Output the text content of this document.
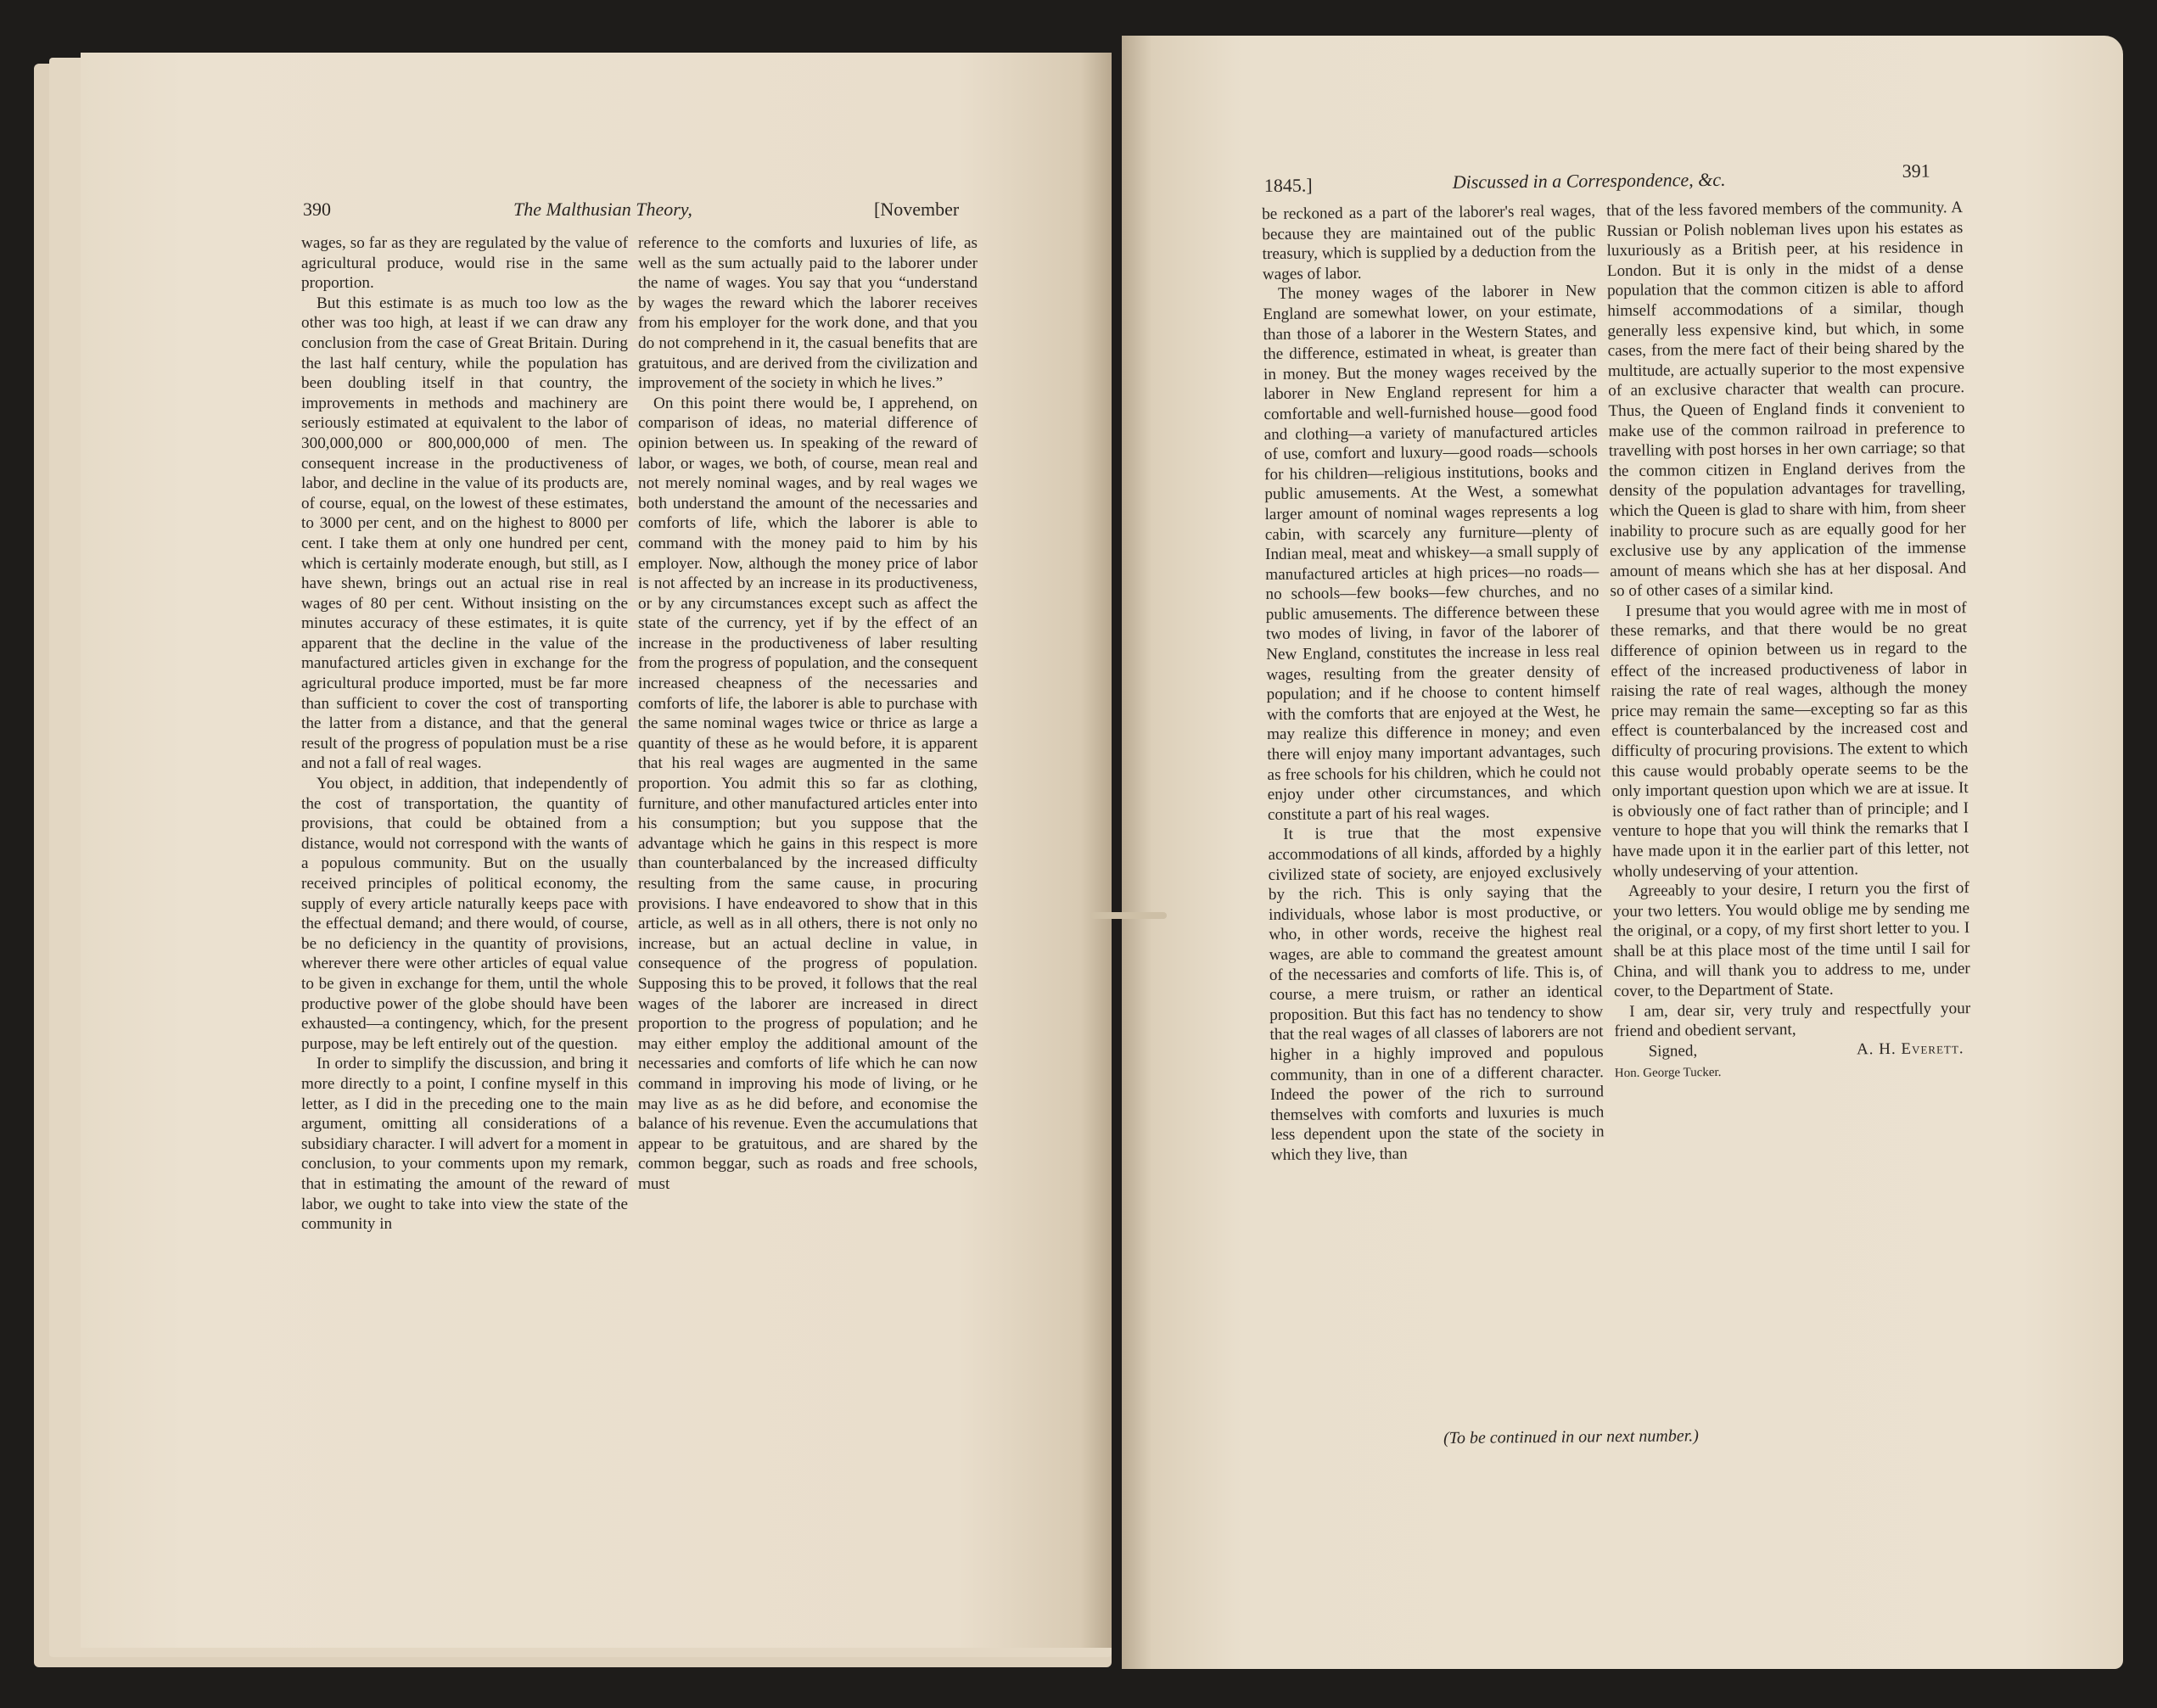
390	The Malthusian Theory,	[November

wages, so far as they are regulated by the value of agricultural produce, would rise in the same proportion.

But this estimate is as much too low as the other was too high, at least if we can draw any conclusion from the case of Great Britain. During the last half century, while the population has been doubling itself in that country, the improvements in methods and machinery are seriously estimated at equivalent to the labor of 300,000,000 or 800,000,000 of men. The consequent increase in the productiveness of labor, and decline in the value of its products are, of course, equal, on the lowest of these estimates, to 3000 per cent, and on the highest to 8000 per cent. I take them at only one hundred per cent, which is certainly moderate enough, but still, as I have shewn, brings out an actual rise in real wages of 80 per cent. Without insisting on the minutes accuracy of these estimates, it is quite apparent that the decline in the value of the manufactured articles given in exchange for the agricultural produce imported, must be far more than sufficient to cover the cost of transporting the latter from a distance, and that the general result of the progress of population must be a rise and not a fall of real wages.

You object, in addition, that independently of the cost of transportation, the quantity of provisions, that could be obtained from a distance, would not correspond with the wants of a populous community. But on the usually received principles of political economy, the supply of every article naturally keeps pace with the effectual demand; and there would, of course, be no deficiency in the quantity of provisions, wherever there were other articles of equal value to be given in exchange for them, until the whole productive power of the globe should have been exhausted—a contingency, which, for the present purpose, may be left entirely out of the question.

In order to simplify the discussion, and bring it more directly to a point, I confine myself in this letter, as I did in the preceding one to the main argument, omitting all considerations of a subsidiary character. I will advert for a moment in conclusion, to your comments upon my remark, that in estimating the amount of the reward of labor, we ought to take into view the state of the community in

reference to the comforts and luxuries of life, as well as the sum actually paid to the laborer under the name of wages. You say that you “understand by wages the reward which the laborer receives from his employer for the work done, and that you do not comprehend in it, the casual benefits that are gratuitous, and are derived from the civilization and improvement of the society in which he lives.”

On this point there would be, I apprehend, on comparison of ideas, no material difference of opinion between us. In speaking of the reward of labor, or wages, we both, of course, mean real and not merely nominal wages, and by real wages we both understand the amount of the necessaries and comforts of life, which the laborer is able to command with the money paid to him by his employer. Now, although the money price of labor is not affected by an increase in its productiveness, or by any circumstances except such as affect the state of the currency, yet if by the effect of an increase in the productiveness of laber resulting from the progress of population, and the consequent increased cheapness of the necessaries and comforts of life, the laborer is able to purchase with the same nominal wages twice or thrice as large a quantity of these as he would before, it is apparent that his real wages are augmented in the same proportion. You admit this so far as clothing, furniture, and other manufactured articles enter into his consumption; but you suppose that the advantage which he gains in this respect is more than counterbalanced by the increased difficulty resulting from the same cause, in procuring provisions. I have endeavored to show that in this article, as well as in all others, there is not only no increase, but an actual decline in value, in consequence of the progress of population. Supposing this to be proved, it follows that the real wages of the laborer are increased in direct proportion to the progress of population; and he may either employ the additional amount of the necessaries and comforts of life which he can now command in improving his mode of living, or he may live as as he did before, and economise the balance of his revenue. Even the accumulations that appear to be gratuitous, and are shared by the common beggar, such as roads and free schools, must

1845.]	Discussed in a Correspondence, &c.	391

be reckoned as a part of the laborer's real wages, because they are maintained out of the public treasury, which is supplied by a deduction from the wages of labor.

The money wages of the laborer in New England are somewhat lower, on your estimate, than those of a laborer in the Western States, and the difference, estimated in wheat, is greater than in money. But the money wages received by the laborer in New England represent for him a comfortable and well-furnished house—good food and clothing—a variety of manufactured articles of use, comfort and luxury—good roads—schools for his children—religious institutions, books and public amusements. At the West, a somewhat larger amount of nominal wages represents a log cabin, with scarcely any furniture—plenty of Indian meal, meat and whiskey—a small supply of manufactured articles at high prices—no roads—no schools—few books—few churches, and no public amusements. The difference between these two modes of living, in favor of the laborer of New England, constitutes the increase in less real wages, resulting from the greater density of population; and if he choose to content himself with the comforts that are enjoyed at the West, he may realize this difference in money; and even there will enjoy many important advantages, such as free schools for his children, which he could not enjoy under other circumstances, and which constitute a part of his real wages.

It is true that the most expensive accommodations of all kinds, afforded by a highly civilized state of society, are enjoyed exclusively by the rich. This is only saying that the individuals, whose labor is most productive, or who, in other words, receive the highest real wages, are able to command the greatest amount of the necessaries and comforts of life. This is, of course, a mere truism, or rather an identical proposition. But this fact has no tendency to show that the real wages of all classes of laborers are not higher in a highly improved and populous community, than in one of a different character. Indeed the power of the rich to surround themselves with comforts and luxuries is much less dependent upon the state of the society in which they live, than

that of the less favored members of the community. A Russian or Polish nobleman lives upon his estates as luxuriously as a British peer, at his residence in London. But it is only in the midst of a dense population that the common citizen is able to afford himself accommodations of a similar, though generally less expensive kind, but which, in some cases, from the mere fact of their being shared by the multitude, are actually superior to the most expensive of an exclusive character that wealth can procure. Thus, the Queen of England finds it convenient to make use of the common railroad in preference to travelling with post horses in her own carriage; so that the common citizen in England derives from the density of the population advantages for travelling, which the Queen is glad to share with him, from sheer inability to procure such as are equally good for her exclusive use by any application of the immense amount of means which she has at her disposal. And so of other cases of a similar kind.

I presume that you would agree with me in most of these remarks, and that there would be no great difference of opinion between us in regard to the effect of the increased productiveness of labor in raising the rate of real wages, although the money price may remain the same—excepting so far as this effect is counterbalanced by the increased cost and difficulty of procuring provisions. The extent to which this cause would probably operate seems to be the only important question upon which we are at issue. It is obviously one of fact rather than of principle; and I venture to hope that you will think the remarks that I have made upon it in the earlier part of this letter, not wholly undeserving of your attention.

Agreeably to your desire, I return you the first of your two letters. You would oblige me by sending me the original, or a copy, of my first short letter to you. I shall be at this place most of the time until I sail for China, and will thank you to address to me, under cover, to the Department of State.

I am, dear sir, very truly and respectfully your friend and obedient servant,

Signed,	A. H. Everett.
Hon. George Tucker.
(To be continued in our next number.)
